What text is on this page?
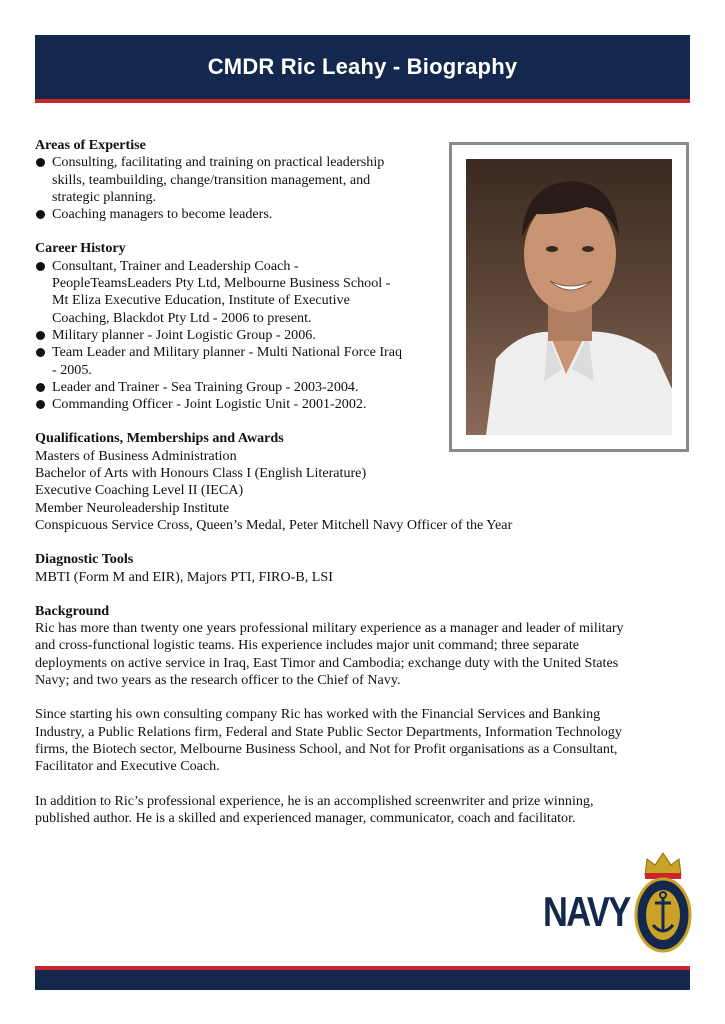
CMDR Ric Leahy - Biography
Areas of Expertise
Consulting, facilitating and training on practical leadership skills, teambuilding, change/transition management, and strategic planning.
Coaching managers to become leaders.
Career History
Consultant, Trainer and Leadership Coach - PeopleTeamsLeaders Pty Ltd, Melbourne Business School - Mt Eliza Executive Education, Institute of Executive Coaching, Blackdot Pty Ltd - 2006 to present.
Military planner - Joint Logistic Group - 2006.
Team Leader and Military planner - Multi National Force Iraq - 2005.
Leader and Trainer - Sea Training Group - 2003-2004.
Commanding Officer - Joint Logistic Unit - 2001-2002.
Qualifications, Memberships and Awards
Masters of Business Administration
Bachelor of Arts with Honours Class I (English Literature)
Executive Coaching Level II (IECA)
Member Neuroleadership Institute
Conspicuous Service Cross, Queen’s Medal, Peter Mitchell Navy Officer of the Year
Diagnostic Tools
MBTI (Form M and EIR), Majors PTI, FIRO-B, LSI
Background

Ric has more than twenty one years professional military experience as a manager and leader of military and cross-functional logistic teams. His experience includes major unit command; three separate deployments on active service in Iraq, East Timor and Cambodia; exchange duty with the United States Navy; and two years as the research officer to the Chief of Navy.

Since starting his own consulting company Ric has worked with the Financial Services and Banking Industry, a Public Relations firm, Federal and State Public Sector Departments, Information Technology firms, the Biotech sector, Melbourne Business School, and Not for Profit organisations as a Consultant, Facilitator and Executive Coach.

In addition to Ric’s professional experience, he is an accomplished screenwriter and prize winning, published author. He is a skilled and experienced manager, communicator, coach and facilitator.

NAVY
